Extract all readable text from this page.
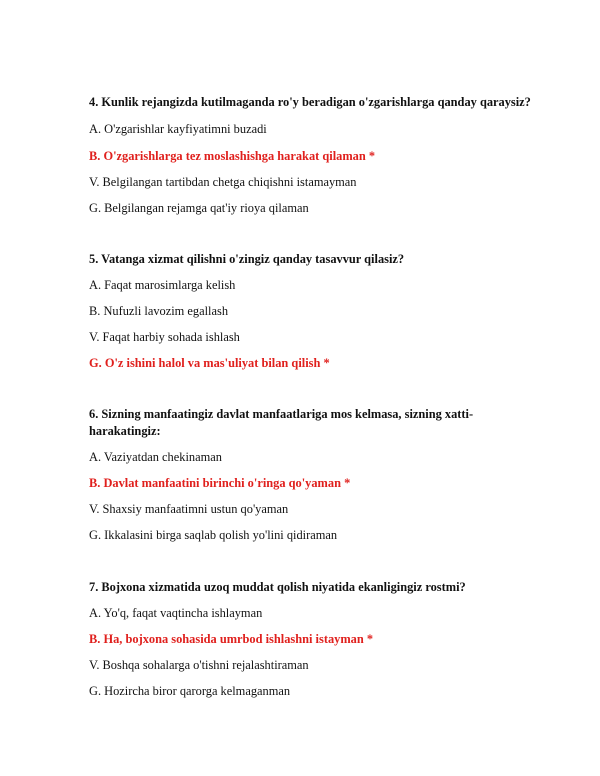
4. Kunlik rejangizda kutilmaganda ro'y beradigan o'zgarishlarga qanday qaraysiz?
A. O'zgarishlar kayfiyatimni buzadi
B. O'zgarishlarga tez moslashishga harakat qilaman *
V. Belgilangan tartibdan chetga chiqishni istamayman
G. Belgilangan rejamga qat'iy rioya qilaman
5. Vatanga xizmat qilishni o'zingiz qanday tasavvur qilasiz?
A. Faqat marosimlarga kelish
B. Nufuzli lavozim egallash
V. Faqat harbiy sohada ishlash
G. O'z ishini halol va mas'uliyat bilan qilish *
6. Sizning manfaatingiz davlat manfaatlariga mos kelmasa, sizning xatti-
harakatingiz:
A. Vaziyatdan chekinaman
B. Davlat manfaatini birinchi o'ringa qo'yaman *
V. Shaxsiy manfaatimni ustun qo'yaman
G. Ikkalasini birga saqlab qolish yo'lini qidiraman
7. Bojxona xizmatida uzoq muddat qolish niyatida ekanligingiz rostmi?
A. Yo'q, faqat vaqtincha ishlayman
B. Ha, bojxona sohasida umrbod ishlashni istayman *
V. Boshqa sohalarga o'tishni rejalashtiraman
G. Hozircha biror qarorga kelmaganman
